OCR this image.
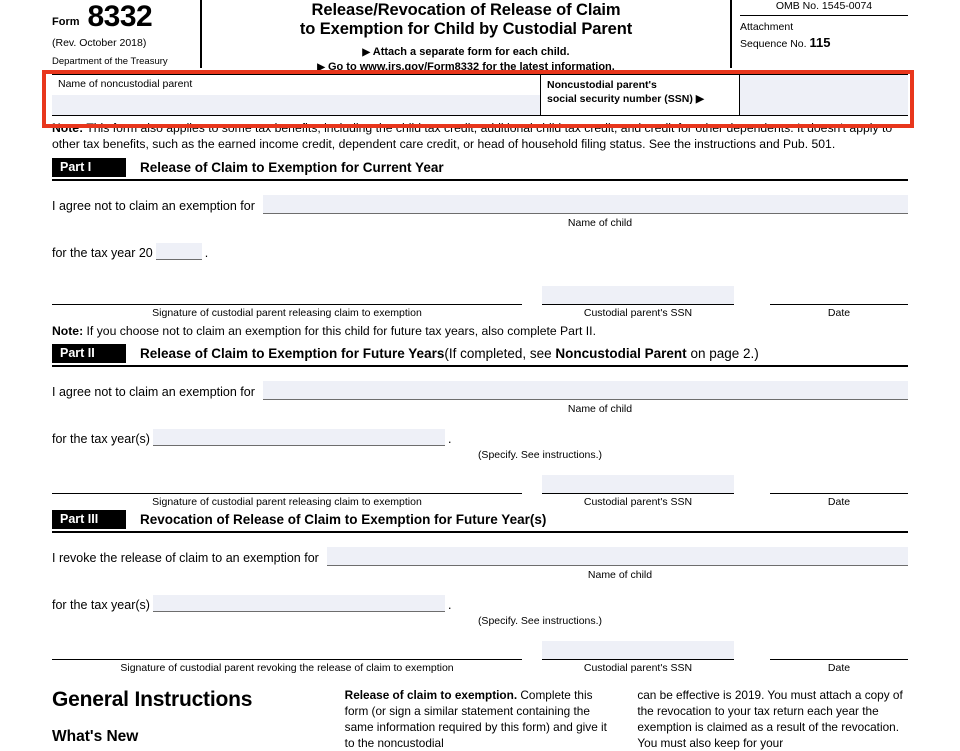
Form 8332
(Rev. October 2018)
Department of the Treasury
Release/Revocation of Release of Claim
to Exemption for Child by Custodial Parent
▶ Attach a separate form for each child.
▶ Go to www.irs.gov/Form8332 for the latest information.
OMB No. 1545-0074
Attachment
Sequence No. 115
Name of noncustodial parent	Noncustodial parent's
social security number (SSN) ▶
Note: This form also applies to some tax benefits, including the child tax credit, additional child tax credit, and credit for other dependents. It doesn't apply to other tax benefits, such as the earned income credit, dependent care credit, or head of household filing status. See the instructions and Pub. 501.
Part I	Release of Claim to Exemption for Current Year
I agree not to claim an exemption for
Name of child
for the tax year 20	.
Signature of custodial parent releasing claim to exemption	Custodial parent's SSN	Date
Note: If you choose not to claim an exemption for this child for future tax years, also complete Part II.
Part II	Release of Claim to Exemption for Future Years(If completed, see Noncustodial Parent on page 2.)
I agree not to claim an exemption for
Name of child
for the tax year(s)	.
(Specify. See instructions.)
Signature of custodial parent releasing claim to exemption	Custodial parent's SSN	Date
Part III	Revocation of Release of Claim to Exemption for Future Year(s)
I revoke the release of claim to an exemption for
Name of child
for the tax year(s)	.
(Specify. See instructions.)
Signature of custodial parent revoking the release of claim to exemption	Custodial parent's SSN	Date
General Instructions
What's New
Release of claim to exemption. Complete this form (or sign a similar statement containing the same information required by this form) and give it to the noncustodial
can be effective is 2019. You must attach a copy of the revocation to your tax return each year the exemption is claimed as a result of the revocation. You must also keep for your
